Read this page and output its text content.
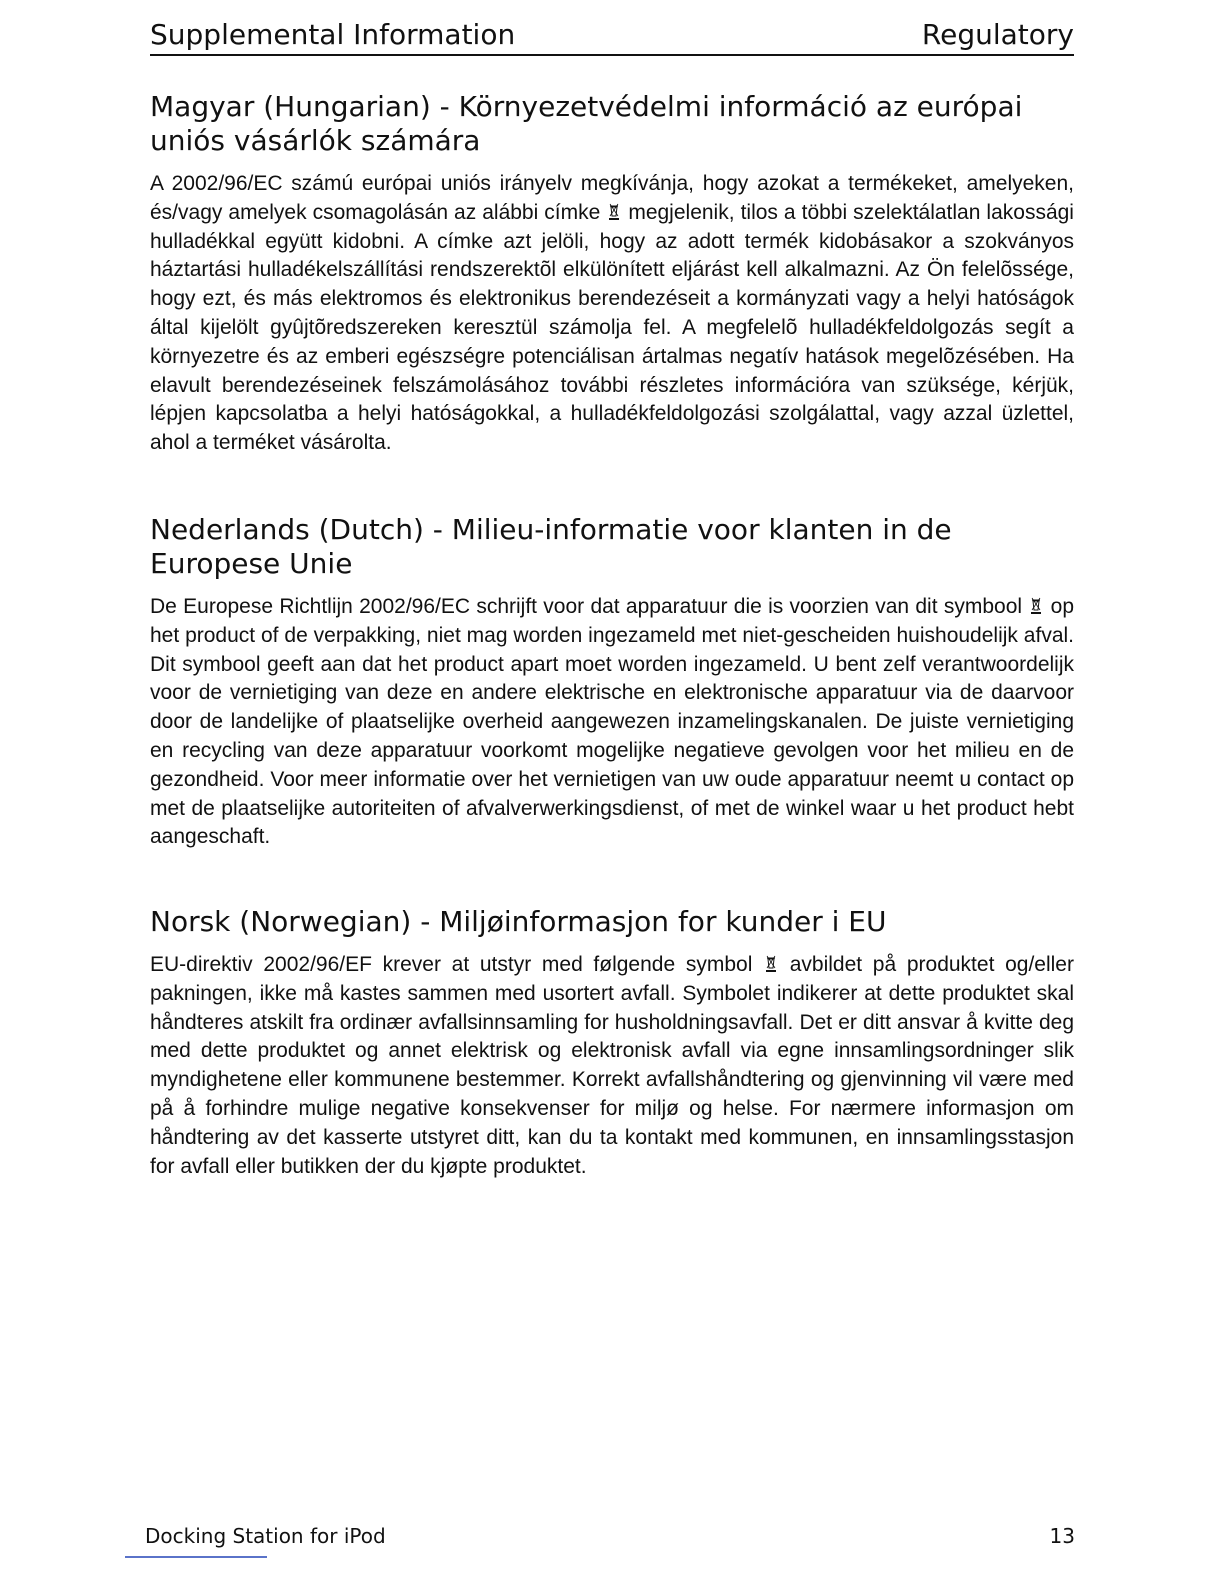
Supplemental Information	Regulatory
Magyar (Hungarian) - Környezetvédelmi információ az európai uniós vásárlók számára

A 2002/96/EC számú európai uniós irányelv megkívánja, hogy azokat a termékeket, amelyeken, és/vagy amelyek csomagolásán az alábbi címke megjelenik, tilos a többi szelektálatlan lakossági hulladékkal együtt kidobni. A címke azt jelöli, hogy az adott termék kidobásakor a szokványos háztartási hulladékelszállítási rendszerektõl elkülönített eljárást kell alkalmazni. Az Ön felelõssége, hogy ezt, és más elektromos és elektronikus berendezéseit a kormányzati vagy a helyi hatóságok által kijelölt gyûjtõredszereken keresztül számolja fel. A megfelelõ hulladékfeldolgozás segít a környezetre és az emberi egészségre potenciálisan ártalmas negatív hatások megelõzésében. Ha elavult berendezéseinek felszámolásához további részletes információra van szüksége, kérjük, lépjen kapcsolatba a helyi hatóságokkal, a hulladékfeldolgozási szolgálattal, vagy azzal üzlettel, ahol a terméket vásárolta.

Nederlands (Dutch) - Milieu-informatie voor klanten in de Europese Unie

De Europese Richtlijn 2002/96/EC schrijft voor dat apparatuur die is voorzien van dit symbool op het product of de verpakking, niet mag worden ingezameld met niet-gescheiden huishoudelijk afval. Dit symbool geeft aan dat het product apart moet worden ingezameld. U bent zelf verantwoordelijk voor de vernietiging van deze en andere elektrische en elektronische apparatuur via de daarvoor door de landelijke of plaatselijke overheid aangewezen inzamelingskanalen. De juiste vernietiging en recycling van deze apparatuur voorkomt mogelijke negatieve gevolgen voor het milieu en de gezondheid. Voor meer informatie over het vernietigen van uw oude apparatuur neemt u contact op met de plaatselijke autoriteiten of afvalverwerkingsdienst, of met de winkel waar u het product hebt aangeschaft.

Norsk (Norwegian) - Miljøinformasjon for kunder i EU

EU-direktiv 2002/96/EF krever at utstyr med følgende symbol avbildet på produktet og/eller pakningen, ikke må kastes sammen med usortert avfall. Symbolet indikerer at dette produktet skal håndteres atskilt fra ordinær avfallsinnsamling for husholdningsavfall. Det er ditt ansvar å kvitte deg med dette produktet og annet elektrisk og elektronisk avfall via egne innsamlingsordninger slik myndighetene eller kommunene bestemmer. Korrekt avfallshåndtering og gjenvinning vil være med på å forhindre mulige negative konsekvenser for miljø og helse. For nærmere informasjon om håndtering av det kasserte utstyret ditt, kan du ta kontakt med kommunen, en innsamlingsstasjon for avfall eller butikken der du kjøpte produktet.

Docking Station for iPod	13
